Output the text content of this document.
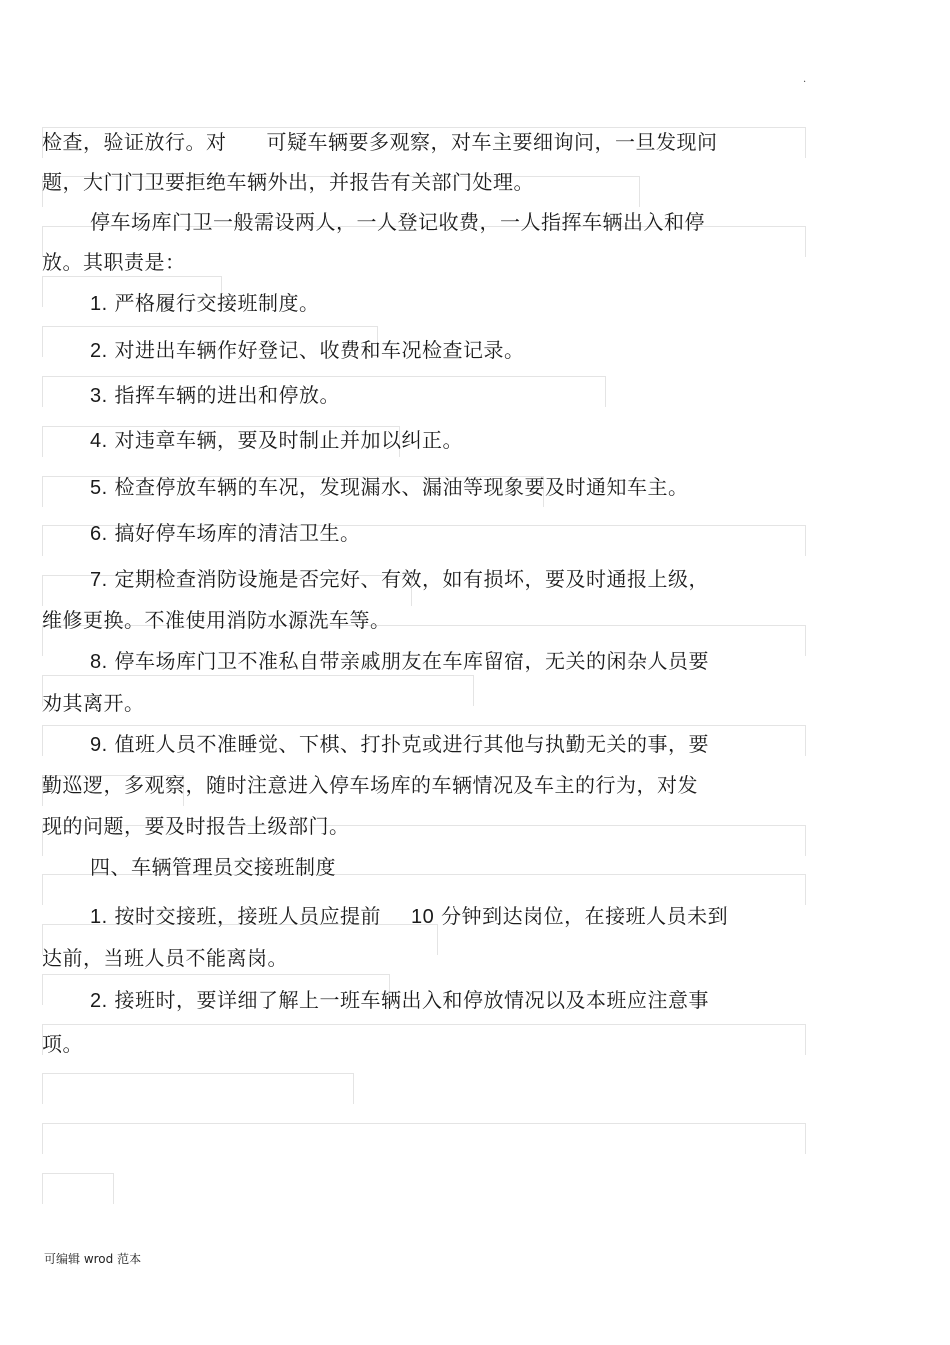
.
检查，验证放行。对 可疑车辆要多观察，对车主要细询问，一旦发现问
题，大门门卫要拒绝车辆外出，并报告有关部门处理。
停车场库门卫一般需设两人，一人登记收费，一人指挥车辆出入和停
放。其职责是：
1. 严格履行交接班制度。
2. 对进出车辆作好登记、收费和车况检查记录。
3. 指挥车辆的进出和停放。
4. 对违章车辆，要及时制止并加以纠正。
5. 检查停放车辆的车况，发现漏水、漏油等现象要及时通知车主。
6. 搞好停车场库的清洁卫生。
7. 定期检查消防设施是否完好、有效，如有损坏，要及时通报上级，
维修更换。不准使用消防水源洗车等。
8. 停车场库门卫不准私自带亲戚朋友在车库留宿，无关的闲杂人员要
劝其离开。
9. 值班人员不准睡觉、下棋、打扑克或进行其他与执勤无关的事，要
勤巡逻，多观察，随时注意进入停车场库的车辆情况及车主的行为，对发
现的问题，要及时报告上级部门。
四、车辆管理员交接班制度
1. 按时交接班，接班人员应提前 10 分钟到达岗位，在接班人员未到
达前，当班人员不能离岗。
2. 接班时，要详细了解上一班车辆出入和停放情况以及本班应注意事
项。
可编辑 wrod 范本
